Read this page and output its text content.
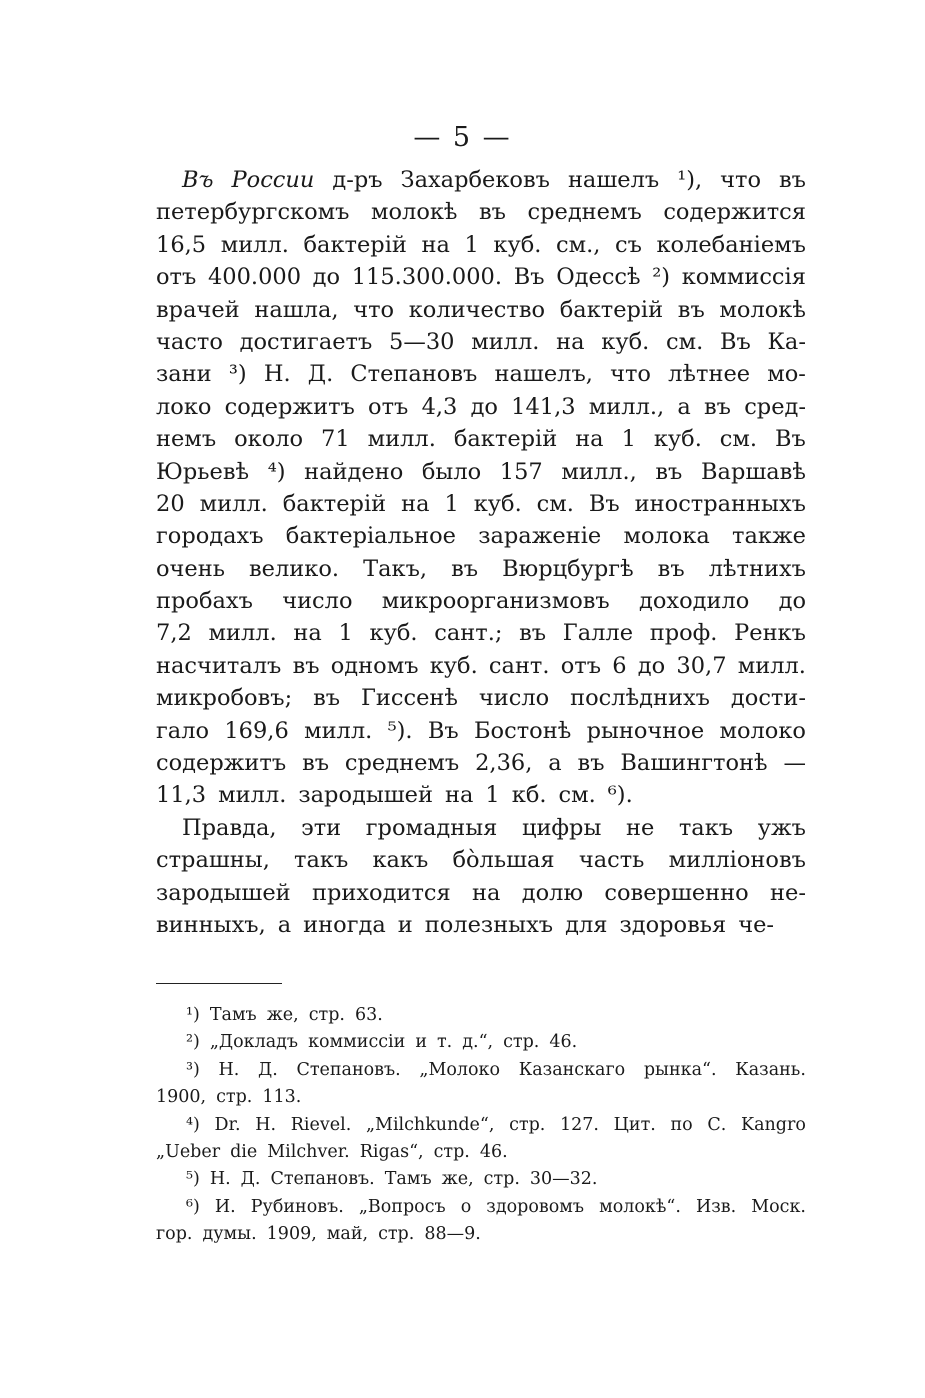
— 5 —
Въ России д-ръ Захарбековъ нашелъ ¹), что въ
петербургскомъ молокѣ въ среднемъ содержится
16,5 милл. бактерій на 1 куб. см., съ колебаніемъ
отъ 400.000 до 115.300.000. Въ Одессѣ ²) коммиссія
врачей нашла, что количество бактерій въ молокѣ
часто достигаетъ 5—30 милл. на куб. см. Въ Ка-
зани ³) Н. Д. Степановъ нашелъ, что лѣтнее мо-
локо содержитъ отъ 4,3 до 141,3 милл., а въ сред-
немъ около 71 милл. бактерій на 1 куб. см. Въ
Юрьевѣ ⁴) найдено было 157 милл., въ Варшавѣ
20 милл. бактерій на 1 куб. см. Въ иностранныхъ
городахъ бактеріальное зараженіе молока также
очень велико. Такъ, въ Вюрцбургѣ въ лѣтнихъ
пробахъ число микроорганизмовъ доходило до
7,2 милл. на 1 куб. сант.; въ Галле проф. Ренкъ
насчиталъ въ одномъ куб. сант. отъ 6 до 30,7 милл.
микробовъ; въ Гиссенѣ число послѣднихъ дости-
гало 169,6 милл. ⁵). Въ Бостонѣ рыночное молоко
содержитъ въ среднемъ 2,36, а въ Вашингтонѣ —
11,3 милл. зародышей на 1 кб. см. ⁶).
Правда, эти громадныя цифры не такъ ужъ
страшны, такъ какъ бо̀льшая часть милліоновъ
зародышей приходится на долю совершенно не-
винныхъ, а иногда и полезныхъ для здоровья че-
¹) Тамъ же, стр. 63.
²) „Докладъ коммиссіи и т. д.“, стр. 46.
³) Н. Д. Степановъ. „Молоко Казанскаго рынка“. Казань.
1900, стр. 113.
⁴) Dr. H. Rievel. „Milchkunde“, стр. 127. Цит. по С. Kangro
„Ueber die Milchver. Rigas“, стр. 46.
⁵) Н. Д. Степановъ. Тамъ же, стр. 30—32.
⁶) И. Рубиновъ. „Вопросъ о здоровомъ молокѣ“. Изв. Моск.
гор. думы. 1909, май, стр. 88—9.
